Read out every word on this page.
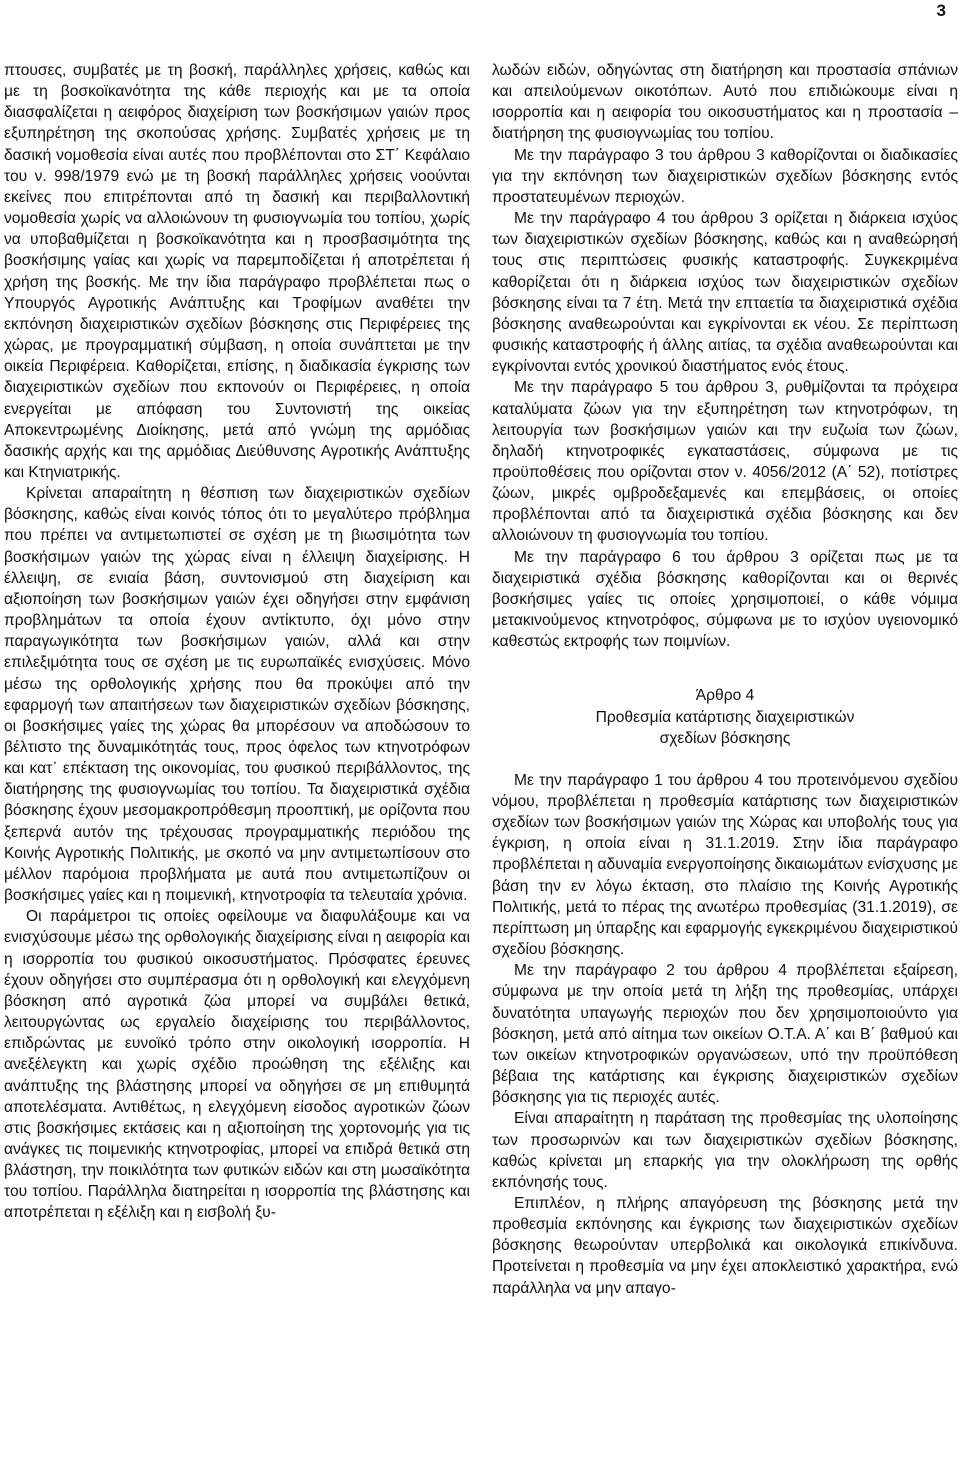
3

πτουσες, συμβατές με τη βοσκή, παράλληλες χρήσεις, καθώς και με τη βοσκοϊκανότητα της κάθε περιοχής και με τα οποία διασφαλίζεται η αειφόρος διαχείριση των βοσκήσιμων γαιών προς εξυπηρέτηση της σκοπούσας χρήσης. Συμβατές χρήσεις με τη δασική νομοθεσία είναι αυτές που προβλέπονται στο ΣΤ΄ Κεφάλαιο του ν. 998/1979 ενώ με τη βοσκή παράλληλες χρήσεις νοούνται εκείνες που επιτρέπονται από τη δασική και περιβαλλοντική νομοθεσία χωρίς να αλλοιώνουν τη φυσιογνωμία του τοπίου, χωρίς να υποβαθμίζεται η βοσκοϊκανότητα και η προσβασιμότητα της βοσκήσιμης γαίας και χωρίς να παρεμποδίζεται ή αποτρέπεται ή χρήση της βοσκής. Με την ίδια παράγραφο προβλέπεται πως ο Υπουργός Αγροτικής Ανάπτυξης και Τροφίμων αναθέτει την εκπόνηση διαχειριστικών σχεδίων βόσκησης στις Περιφέρειες της χώρας, με προγραμματική σύμβαση, η οποία συνάπτεται με την οικεία Περιφέρεια. Καθορίζεται, επίσης, η διαδικασία έγκρισης των διαχειριστικών σχεδίων που εκπονούν οι Περιφέρειες, η οποία ενεργείται με απόφαση του Συντονιστή της οικείας Αποκεντρωμένης Διοίκησης, μετά από γνώμη της αρμόδιας δασικής αρχής και της αρμόδιας Διεύθυνσης Αγροτικής Ανάπτυξης και Κτηνιατρικής.

Κρίνεται απαραίτητη η θέσπιση των διαχειριστικών σχεδίων βόσκησης, καθώς είναι κοινός τόπος ότι το μεγαλύτερο πρόβλημα που πρέπει να αντιμετωπιστεί σε σχέση με τη βιωσιμότητα των βοσκήσιμων γαιών της χώρας είναι η έλλειψη διαχείρισης. Η έλλειψη, σε ενιαία βάση, συντονισμού στη διαχείριση και αξιοποίηση των βοσκήσιμων γαιών έχει οδηγήσει στην εμφάνιση προβλημάτων τα οποία έχουν αντίκτυπο, όχι μόνο στην παραγωγικότητα των βοσκήσιμων γαιών, αλλά και στην επιλεξιμότητα τους σε σχέση με τις ευρωπαϊκές ενισχύσεις. Μόνο μέσω της ορθολογικής χρήσης που θα προκύψει από την εφαρμογή των απαιτήσεων των διαχειριστικών σχεδίων βόσκησης, οι βοσκήσιμες γαίες της χώρας θα μπορέσουν να αποδώσουν το βέλτιστο της δυναμικότητάς τους, προς όφελος των κτηνοτρόφων και κατ᾽ επέκταση της οικονομίας, του φυσικού περιβάλλοντος, της διατήρησης της φυσιογνωμίας του τοπίου. Τα διαχειριστικά σχέδια βόσκησης έχουν μεσομακροπρόθεσμη προοπτική, με ορίζοντα που ξεπερνά αυτόν της τρέχουσας προγραμματικής περιόδου της Κοινής Αγροτικής Πολιτικής, με σκοπό να μην αντιμετωπίσουν στο μέλλον παρόμοια προβλήματα με αυτά που αντιμετωπίζουν οι βοσκήσιμες γαίες και η ποιμενική, κτηνοτροφία τα τελευταία χρόνια.

Οι παράμετροι τις οποίες οφείλουμε να διαφυλάξουμε και να ενισχύσουμε μέσω της ορθολογικής διαχείρισης είναι η αειφορία και η ισορροπία του φυσικού οικοσυστήματος. Πρόσφατες έρευνες έχουν οδηγήσει στο συμπέρασμα ότι η ορθολογική και ελεγχόμενη βόσκηση από αγροτικά ζώα μπορεί να συμβάλει θετικά, λειτουργώντας ως εργαλείο διαχείρισης του περιβάλλοντος, επιδρώντας με ευνοϊκό τρόπο στην οικολογική ισορροπία. Η ανεξέλεγκτη και χωρίς σχέδιο προώθηση της εξέλιξης και ανάπτυξης της βλάστησης μπορεί να οδηγήσει σε μη επιθυμητά αποτελέσματα. Αντιθέτως, η ελεγχόμενη είσοδος αγροτικών ζώων στις βοσκήσιμες εκτάσεις και η αξιοποίηση της χορτονομής για τις ανάγκες τις ποιμενικής κτηνοτροφίας, μπορεί να επιδρά θετικά στη βλάστηση, την ποικιλότητα των φυτικών ειδών και στη μωσαϊκότητα του τοπίου. Παράλληλα διατηρείται η ισορροπία της βλάστησης και αποτρέπεται η εξέλιξη και η εισβολή ξυ-

λωδών ειδών, οδηγώντας στη διατήρηση και προστασία σπάνιων και απειλούμενων οικοτόπων. Αυτό που επιδιώκουμε είναι η ισορροπία και η αειφορία του οικοσυστήματος και η προστασία – διατήρηση της φυσιογνωμίας του τοπίου.

Με την παράγραφο 3 του άρθρου 3 καθορίζονται οι διαδικασίες για την εκπόνηση των διαχειριστικών σχεδίων βόσκησης εντός προστατευμένων περιοχών.

Με την παράγραφο 4 του άρθρου 3 ορίζεται η διάρκεια ισχύος των διαχειριστικών σχεδίων βόσκησης, καθώς και η αναθεώρησή τους στις περιπτώσεις φυσικής καταστροφής. Συγκεκριμένα καθορίζεται ότι η διάρκεια ισχύος των διαχειριστικών σχεδίων βόσκησης είναι τα 7 έτη. Μετά την επταετία τα διαχειριστικά σχέδια βόσκησης αναθεωρούνται και εγκρίνονται εκ νέου. Σε περίπτωση φυσικής καταστροφής ή άλλης αιτίας, τα σχέδια αναθεωρούνται και εγκρίνονται εντός χρονικού διαστήματος ενός έτους.

Με την παράγραφο 5 του άρθρου 3, ρυθμίζονται τα πρόχειρα καταλύματα ζώων για την εξυπηρέτηση των κτηνοτρόφων, τη λειτουργία των βοσκήσιμων γαιών και την ευζωία των ζώων, δηλαδή κτηνοτροφικές εγκαταστάσεις, σύμφωνα με τις προϋποθέσεις που ορίζονται στον ν. 4056/2012 (Α΄ 52), ποτίστρες ζώων, μικρές ομβροδεξαμενές και επεμβάσεις, οι οποίες προβλέπονται από τα διαχειριστικά σχέδια βόσκησης και δεν αλλοιώνουν τη φυσιογνωμία του τοπίου.

Με την παράγραφο 6 του άρθρου 3 ορίζεται πως με τα διαχειριστικά σχέδια βόσκησης καθορίζονται και οι θερινές βοσκήσιμες γαίες τις οποίες χρησιμοποιεί, ο κάθε νόμιμα μετακινούμενος κτηνοτρόφος, σύμφωνα με το ισχύον υγειονομικό καθεστώς εκτροφής των ποιμνίων.

Άρθρο 4
Προθεσμία κατάρτισης διαχειριστικών
σχεδίων βόσκησης

Με την παράγραφο 1 του άρθρου 4 του προτεινόμενου σχεδίου νόμου, προβλέπεται η προθεσμία κατάρτισης των διαχειριστικών σχεδίων των βοσκήσιμων γαιών της Χώρας και υποβολής τους για έγκριση, η οποία είναι η 31.1.2019. Στην ίδια παράγραφο προβλέπεται η αδυναμία ενεργοποίησης δικαιωμάτων ενίσχυσης με βάση την εν λόγω έκταση, στο πλαίσιο της Κοινής Αγροτικής Πολιτικής, μετά το πέρας της ανωτέρω προθεσμίας (31.1.2019), σε περίπτωση μη ύπαρξης και εφαρμογής εγκεκριμένου διαχειριστικού σχεδίου βόσκησης.

Με την παράγραφο 2 του άρθρου 4 προβλέπεται εξαίρεση, σύμφωνα με την οποία μετά τη λήξη της προθεσμίας, υπάρχει δυνατότητα υπαγωγής περιοχών που δεν χρησιμοποιούντο για βόσκηση, μετά από αίτημα των οικείων Ο.Τ.Α. Α΄ και Β΄ βαθμού και των οικείων κτηνοτροφικών οργανώσεων, υπό την προϋπόθεση βέβαια της κατάρτισης και έγκρισης διαχειριστικών σχεδίων βόσκησης για τις περιοχές αυτές.

Είναι απαραίτητη η παράταση της προθεσμίας της υλοποίησης των προσωρινών και των διαχειριστικών σχεδίων βόσκησης, καθώς κρίνεται μη επαρκής για την ολοκλήρωση της ορθής εκπόνησής τους.

Επιπλέον, η πλήρης απαγόρευση της βόσκησης μετά την προθεσμία εκπόνησης και έγκρισης των διαχειριστικών σχεδίων βόσκησης θεωρούνταν υπερβολικά και οικολογικά επικίνδυνα. Προτείνεται η προθεσμία να μην έχει αποκλειστικό χαρακτήρα, ενώ παράλληλα να μην απαγο-
